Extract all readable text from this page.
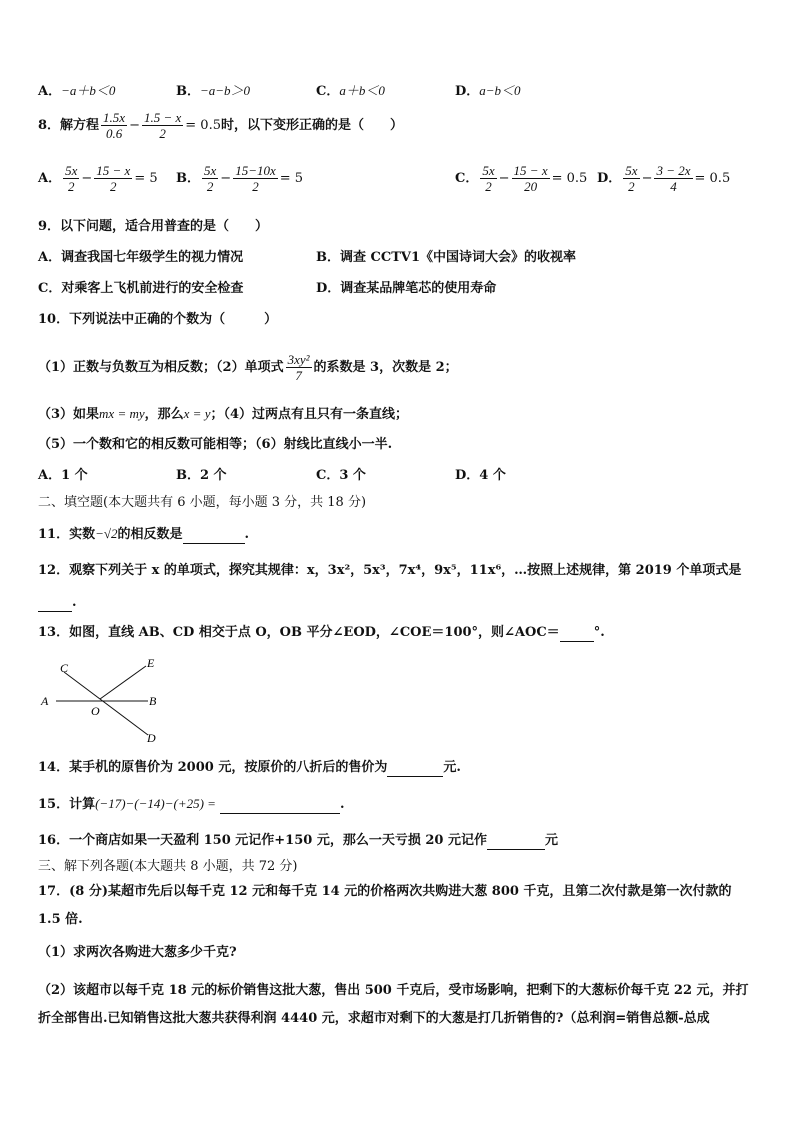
A．−a＋b＜0	B．−a−b＞0	C．a＋b＜0	D．a−b＜0
8．解方程 $\frac{1.5x}{0.6} - \frac{1.5 - x}{2} = 0.5$时，以下变形正确的是（　　）
A． $\frac{5x}{2} - \frac{15 - x}{2} = 5$ B． $\frac{5x}{2} - \frac{15-10x}{2} = 5$	C． $\frac{5x}{2} - \frac{15 - x}{20} = 0.5$ D． $\frac{5x}{2} - \frac{3 - 2x}{4} = 0.5$
9．以下问题，适合用普查的是（　　）
A．调查我国七年级学生的视力情况	B．调查 CCTV1《中国诗词大会》的收视率
C．对乘客上飞机前进行的安全检查	D．调查某品牌笔芯的使用寿命
10．下列说法中正确的个数为（　　　）
（1）正数与负数互为相反数；（2）单项式 $\frac{\text{3xy²}}{7}$ 的系数是 3，次数是 2；
（3）如果mx = my，那么x = y；（4）过两点有且只有一条直线；
（5）一个数和它的相反数可能相等；（6）射线比直线小一半.
A．1 个	B．2 个	C．3 个	D．4 个
二、填空题(本大题共有 6 小题，每小题 3 分，共 18 分)
11．实数−√2的相反数是	.
12．观察下列关于 x 的单项式，探究其规律：x，3x²，5x³，7x⁴，9x⁵，11x⁶，…按照上述规律，第 2019 个单项式是
.
13．如图，直线 AB、CD 相交于点 O，OB 平分∠EOD，∠COE＝100°，则∠AOC＝	°.
C	E
A
O
B
D
14．某手机的原售价为 2000 元，按原价的八折后的售价为	元.
15．计算(−17)−(−14)−(+25) =	.
16．一个商店如果一天盈利 150 元记作+150 元，那么一天亏损 20 元记作	元
三、解下列各题(本大题共 8 小题，共 72 分)
17．(8 分)某超市先后以每千克 12 元和每千克 14 元的价格两次共购进大葱 800 千克，且第二次付款是第一次付款的 1.5 倍.
（1）求两次各购进大葱多少千克?
（2）该超市以每千克 18 元的标价销售这批大葱，售出 500 千克后，受市场影响，把剩下的大葱标价每千克 22 元，并打折全部售出.已知销售这批大葱共获得利润 4440 元，求超市对剩下的大葱是打几折销售的?（总利润=销售总额-总成
